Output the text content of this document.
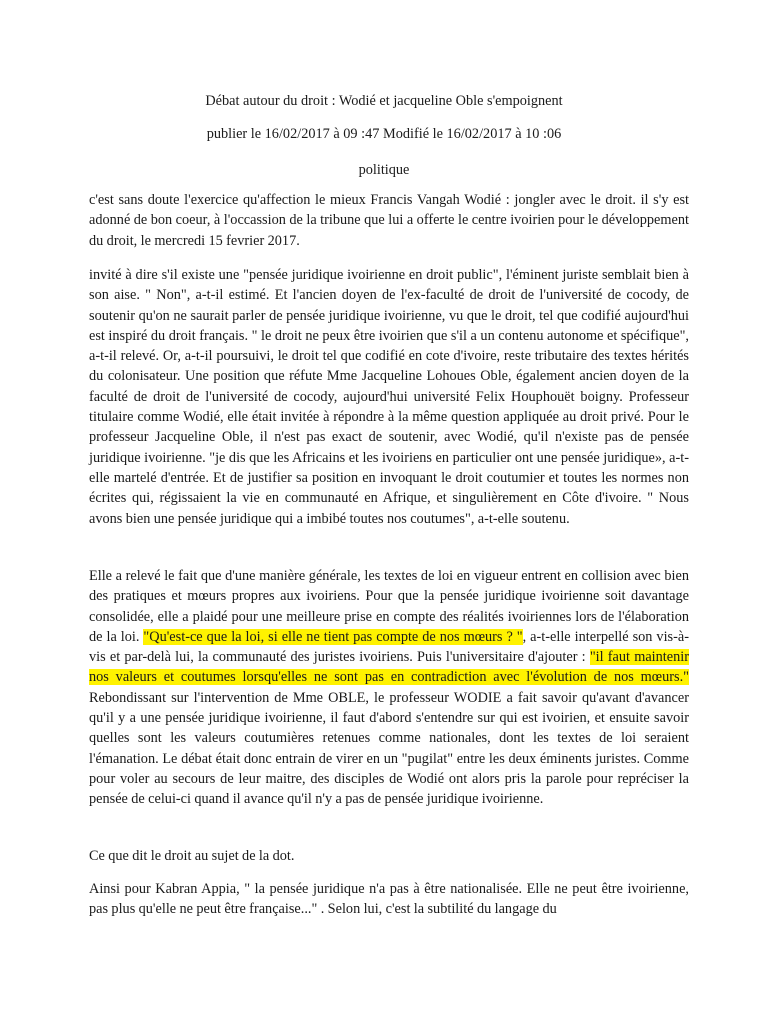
Débat autour du droit : Wodié et jacqueline Oble s'empoignent

publier le 16/02/2017 à 09 :47 Modifié le 16/02/2017 à 10 :06

politique

c'est sans doute l'exercice qu'affection le mieux Francis Vangah Wodié : jongler avec le droit. il s'y est adonné de bon coeur, à l'occassion de la tribune que lui a offerte le centre ivoirien pour le développement du droit, le mercredi 15 fevrier 2017.

invité à dire s'il existe une "pensée juridique ivoirienne en droit public", l'éminent juriste semblait bien à son aise. " Non", a-t-il estimé. Et l'ancien doyen de l'ex-faculté de droit de l'université de cocody, de soutenir qu'on ne saurait parler de pensée juridique ivoirienne, vu que le droit, tel que codifié aujourd'hui est inspiré du droit français. " le droit ne peux être ivoirien que s'il a un contenu autonome et spécifique", a-t-il relevé. Or, a-t-il poursuivi, le droit tel que codifié en cote d'ivoire, reste tributaire des textes hérités du colonisateur. Une position que réfute Mme Jacqueline Lohoues Oble, également ancien doyen de la faculté de droit de l'université de cocody, aujourd'hui université Felix Houphouët boigny. Professeur titulaire comme Wodié, elle était invitée à répondre à la même question appliquée au droit privé. Pour le professeur Jacqueline Oble, il n'est pas exact de soutenir, avec Wodié, qu'il n'existe pas de pensée juridique ivoirienne. "je dis que les Africains et les ivoiriens en particulier ont une pensée juridique», a-t-elle martelé d'entrée. Et de justifier sa position en invoquant le droit coutumier et toutes les normes non écrites qui, régissaient la vie en communauté en Afrique, et singulièrement en Côte d'ivoire. " Nous avons bien une pensée juridique qui a imbibé toutes nos coutumes", a-t-elle soutenu.

Elle a relevé le fait que d'une manière générale, les textes de loi en vigueur entrent en collision avec bien des pratiques et mœurs propres aux ivoiriens. Pour que la pensée juridique ivoirienne soit davantage consolidée, elle a plaidé pour une meilleure prise en compte des réalités ivoiriennes lors de l'élaboration de la loi. "Qu'est-ce que la loi, si elle ne tient pas compte de nos mœurs ? ", a-t-elle interpellé son vis-à-vis et par-delà lui, la communauté des juristes ivoiriens. Puis l'universitaire d'ajouter : "il faut maintenir nos valeurs et coutumes lorsqu'elles ne sont pas en contradiction avec l'évolution de nos mœurs." Rebondissant sur l'intervention de Mme OBLE, le professeur WODIE a fait savoir qu'avant d'avancer qu'il y a une pensée juridique ivoirienne, il faut d'abord s'entendre sur qui est ivoirien, et ensuite savoir quelles sont les valeurs coutumières retenues comme nationales, dont les textes de loi seraient l'émanation. Le débat était donc entrain de virer en un "pugilat" entre les deux éminents juristes. Comme pour voler au secours de leur maitre, des disciples de Wodié ont alors pris la parole pour repréciser la pensée de celui-ci quand il avance qu'il n'y a pas de pensée juridique ivoirienne.

Ce que dit le droit au sujet de la dot.

Ainsi pour Kabran Appia, " la pensée juridique n'a pas à être nationalisée. Elle ne peut être ivoirienne, pas plus qu'elle ne peut être française..." . Selon lui, c'est la subtilité du langage du
